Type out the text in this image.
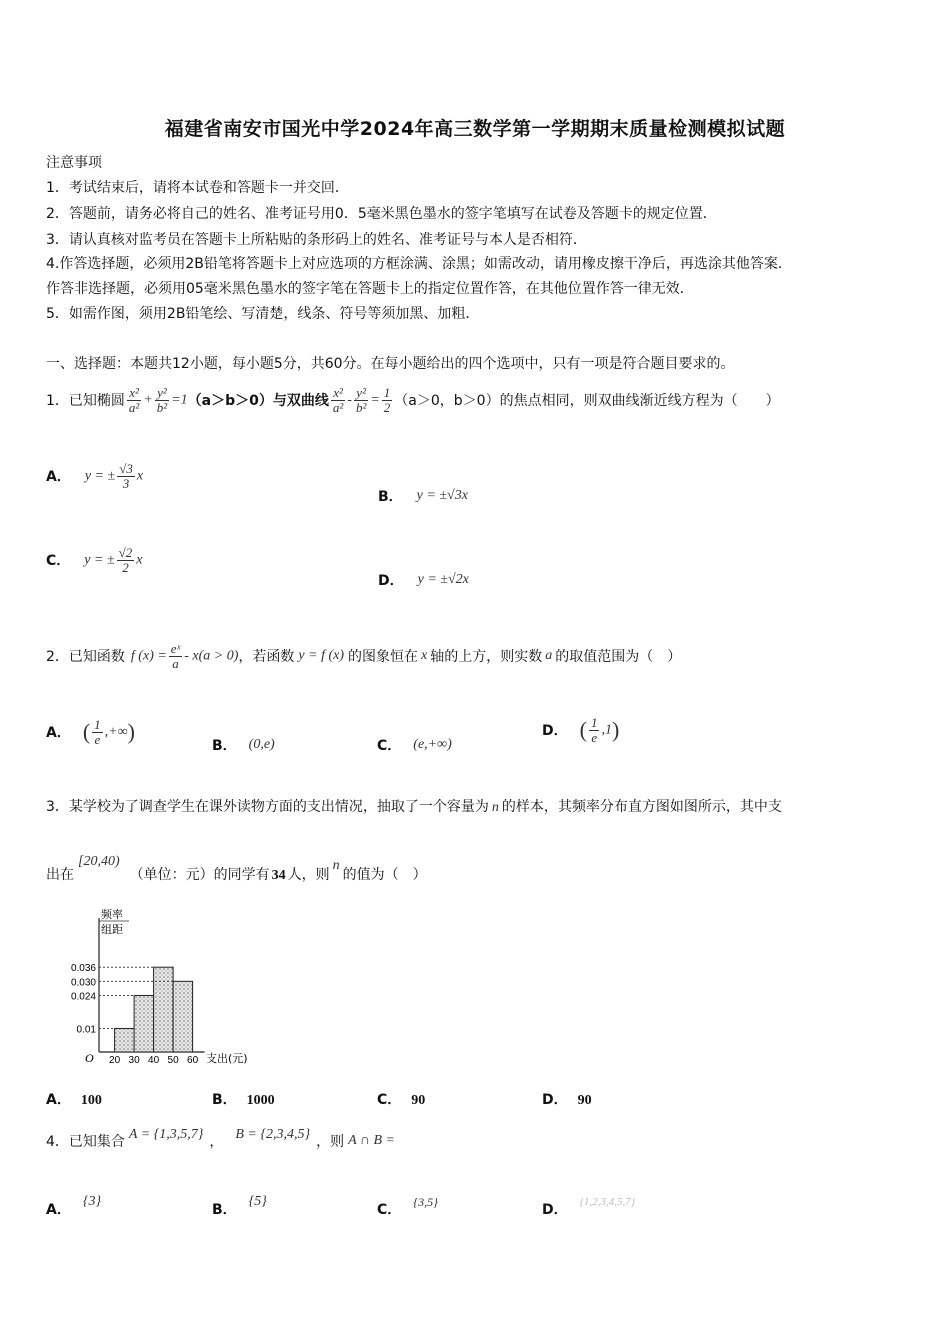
福建省南安市国光中学2024年高三数学第一学期期末质量检测模拟试题
注意事项
1．考试结束后，请将本试卷和答题卡一并交回．
2．答题前，请务必将自己的姓名、准考证号用0．5毫米黑色墨水的签字笔填写在试卷及答题卡的规定位置．
3．请认真核对监考员在答题卡上所粘贴的条形码上的姓名、准考证号与本人是否相符．
4.作答选择题，必须用2B铅笔将答题卡上对应选项的方框涂满、涂黑；如需改动，请用橡皮擦干净后，再选涂其他答案．
作答非选择题，必须用05毫米黑色墨水的签字笔在答题卡上的指定位置作答，在其他位置作答一律无效．
5．如需作图，须用2B铅笔绘、写清楚，线条、符号等须加黑、加粗．
一、选择题：本题共12小题，每小题5分，共60分。在每小题给出的四个选项中，只有一项是符合题目要求的。
1．已知椭圆 $\frac{\text{x²}}{\text{a²}} + \frac{\text{y²}}{\text{b²}} =1$ （a＞b＞0）与双曲线 $\frac{\text{x²}}{\text{a²}} - \frac{\text{y²}}{\text{b²}} = \frac{1}{2} (a>0$，b＞0）的焦点相同，则双曲线渐近线方程为（　　）
A． y = ± $\frac{√3}{3}$ x
B． y = ±√3x
C． y = ± $\frac{√2}{2}$ x
D． y = ±√2x
2．已知函数 f $(x) = \frac{\text{eˣ}}{a} - x(a > 0)$ ，若函数 y = f (x) 的图象恒在 x 轴的上方，则实数 a 的取值范围为（　）
A． ( $\frac{1}{e}$ ,+∞)
B． (0,e)	C． (e,+∞)
D． ( $\frac{1}{e} ,1$)
3．某学校为了调查学生在课外读物方面的支出情况，抽取了一个容量为 n 的样本，其频率分布直方图如图所示，其中支
出在
[20,40)
（单位：元）的同学有 34 人，则
n
的值为（　）
频率
组距
O	支出(元)
0.036
0.030
0.024
0.01
20 30 40 50 60
A． 100	B． 1000	C． 90	D． 90
4．已知集合 A = {1,3,5,7} ， B = {2,3,4,5} ，则 A ∩ B =
A．
{3}
B．
{5}
C．
{3,5}
D． {1,2,3,4,5,7}
